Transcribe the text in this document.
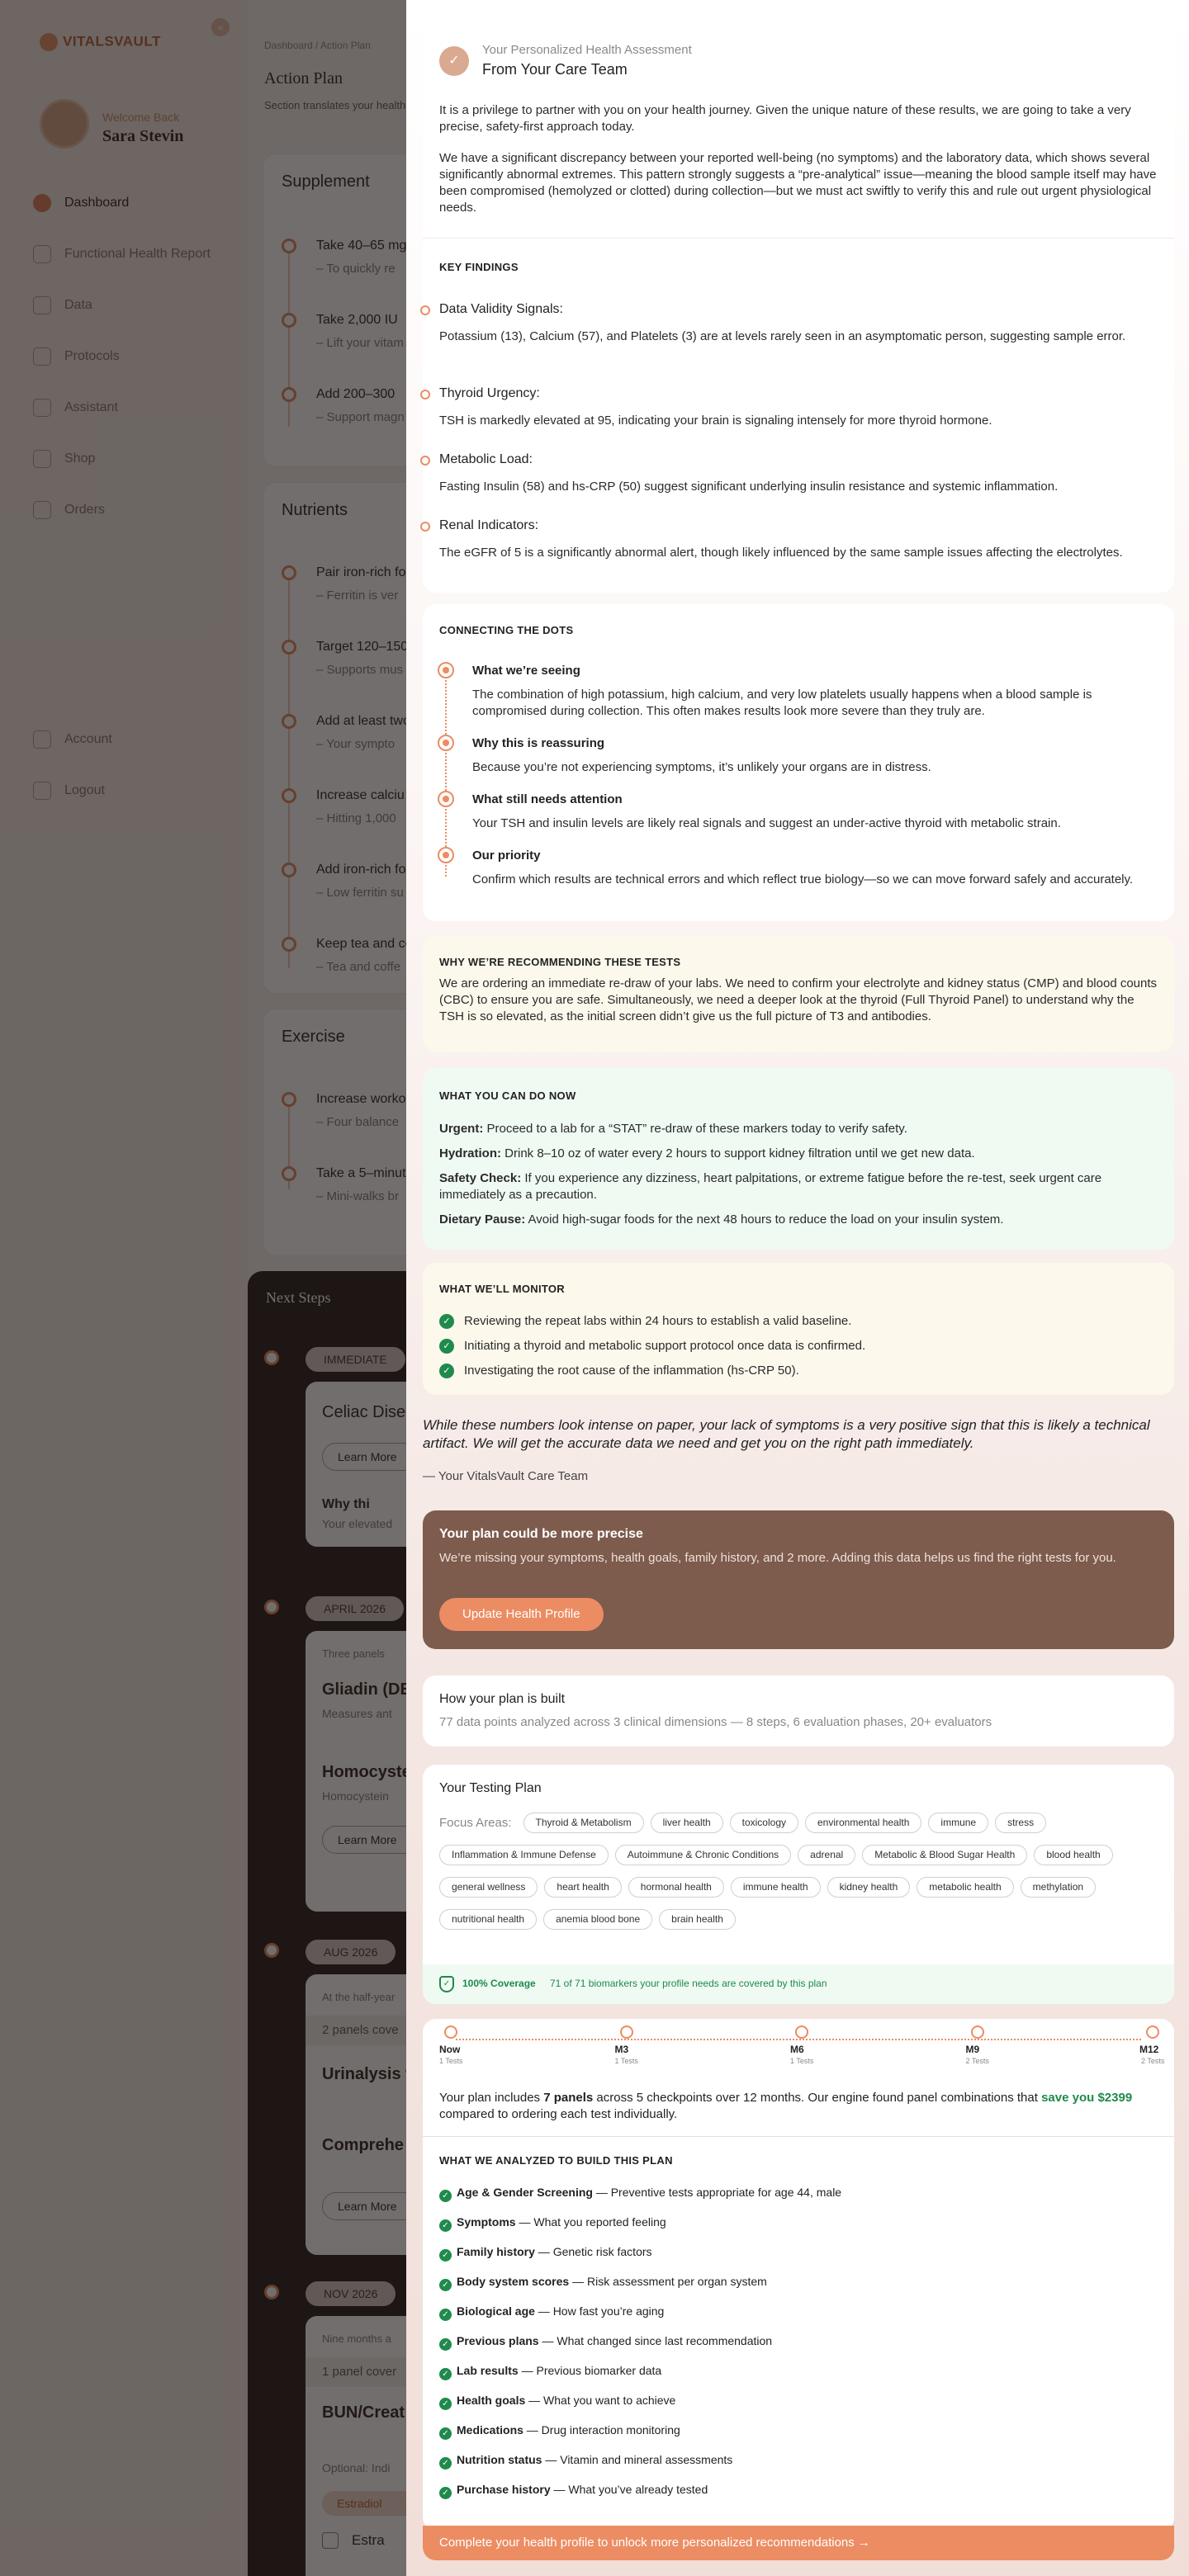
✓
Your Personalized Health Assessment
From Your Care Team
It is a privilege to partner with you on your health journey. Given the unique nature of these results, we are going to take a very precise, safety-first approach today.
We have a significant discrepancy between your reported well-being (no symptoms) and the laboratory data, which shows several significantly abnormal extremes. This pattern strongly suggests a “pre-analytical” issue—meaning the blood sample itself may have been compromised (hemolyzed or clotted) during collection—but we must act swiftly to verify this and rule out urgent physiological needs.
KEY FINDINGS
Data Validity Signals:
Potassium (13), Calcium (57), and Platelets (3) are at levels rarely seen in an asymptomatic person, suggesting sample error.
Thyroid Urgency:
TSH is markedly elevated at 95, indicating your brain is signaling intensely for more thyroid hormone.
Metabolic Load:
Fasting Insulin (58) and hs-CRP (50) suggest significant underlying insulin resistance and systemic inflammation.
Renal Indicators:
The eGFR of 5 is a significantly abnormal alert, though likely influenced by the same sample issues affecting the electrolytes.
CONNECTING THE DOTS
What we’re seeing
The combination of high potassium, high calcium, and very low platelets usually happens when a blood sample is compromised during collection. This often makes results look more severe than they truly are.
Why this is reassuring
Because you’re not experiencing symptoms, it’s unlikely your organs are in distress.
What still needs attention
Your TSH and insulin levels are likely real signals and suggest an under-active thyroid with metabolic strain.
Our priority
Confirm which results are technical errors and which reflect true biology—so we can move forward safely and accurately.
WHY WE’RE RECOMMENDING THESE TESTS
We are ordering an immediate re-draw of your labs. We need to confirm your electrolyte and kidney status (CMP) and blood counts (CBC) to ensure you are safe. Simultaneously, we need a deeper look at the thyroid (Full Thyroid Panel) to understand why the TSH is so elevated, as the initial screen didn’t give us the full picture of T3 and antibodies.
WHAT YOU CAN DO NOW
Urgent: Proceed to a lab for a “STAT” re-draw of these markers today to verify safety.
Hydration: Drink 8–10 oz of water every 2 hours to support kidney filtration until we get new data.
Safety Check: If you experience any dizziness, heart palpitations, or extreme fatigue before the re-test, seek urgent care immediately as a precaution.
Dietary Pause: Avoid high-sugar foods for the next 48 hours to reduce the load on your insulin system.
WHAT WE’LL MONITOR
✓ Reviewing the repeat labs within 24 hours to establish a valid baseline.
✓ Initiating a thyroid and metabolic support protocol once data is confirmed.
✓ Investigating the root cause of the inflammation (hs-CRP 50).
While these numbers look intense on paper, your lack of symptoms is a very positive sign that this is likely a technical artifact. We will get the accurate data we need and get you on the right path immediately.
— Your VitalsVault Care Team
Your plan could be more precise
We’re missing your symptoms, health goals, family history, and 2 more. Adding this data helps us find the right tests for you.
Update Health Profile
How your plan is built
77 data points analyzed across 3 clinical dimensions — 8 steps, 6 evaluation phases, 20+ evaluators
Your Testing Plan
Focus Areas: Thyroid & Metabolism	liver health	toxicology	environmental health	immune	stressInflammation & Immune Defense	Autoimmune & Chronic Conditions	adrenal	Metabolic & Blood Sugar Health	blood healthgeneral wellness	heart health	hormonal health	immune health	kidney health	metabolic health	methylationnutritional health	anemia blood bone	brain health
✓	100% Coverage 71 of 71 biomarkers your profile needs are covered by this plan
Now
1 Tests
M3
1 Tests
M6
1 Tests
M9
2 Tests
M12
2 Tests
Your plan includes 7 panels across 5 checkpoints over 12 months. Our engine found panel combinations that save you $2399 compared to ordering each test individually.
WHAT WE ANALYZED TO BUILD THIS PLAN
✓ Age & Gender Screening — Preventive tests appropriate for age 44, male
✓ Symptoms — What you reported feeling
✓ Family history — Genetic risk factors
✓ Body system scores — Risk assessment per organ system
✓ Biological age — How fast you’re aging
✓ Previous plans — What changed since last recommendation
✓ Lab results — Previous biomarker data
✓ Health goals — What you want to achieve
✓ Medications — Drug interaction monitoring
✓ Nutrition status — Vitamin and mineral assessments
✓ Purchase history — What you’ve already tested
Complete your health profile to unlock more personalized recommendations →
